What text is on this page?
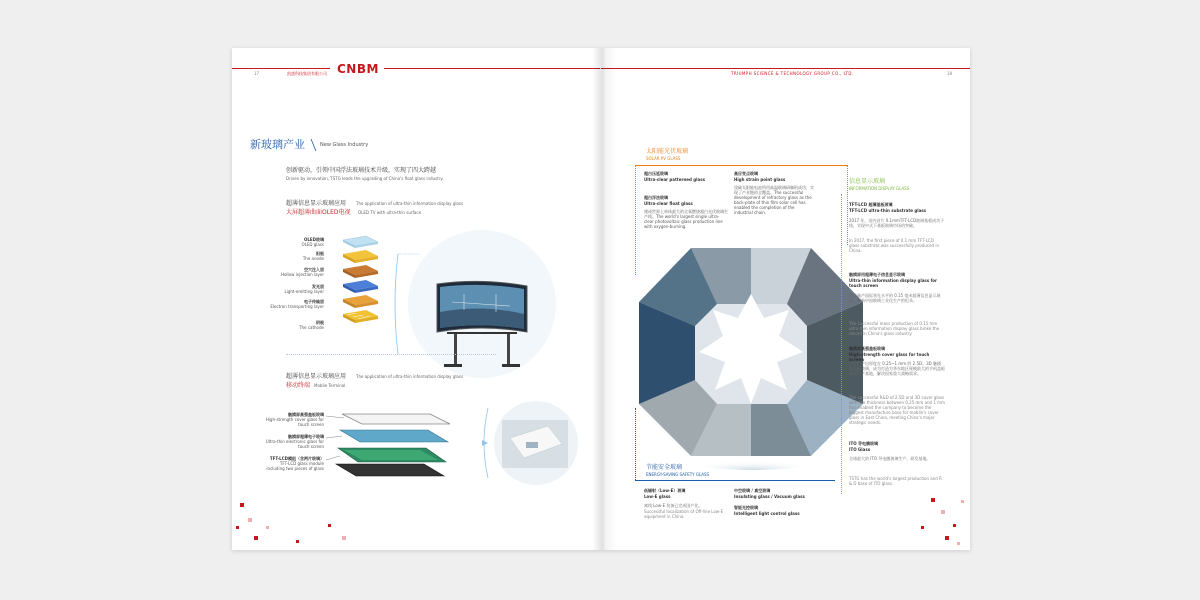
17	凯盛科技集团有限公司 CNBM
新玻璃产业	New Glass Industry
创新驱动，引领中国浮法玻璃技术升级，实现了四大跨越
Driven by innovation, TSTG leads the upgrading of China's float glass industry.
超薄信息显示玻璃应用 The application of ultra-thin information display glass
大屏超薄曲面OLED电视 OLED TV with ultra-thin surface
OLED玻璃
OLED glass
阳极
The anode
空穴注入层
Hollow injection layer
发光层
Light-emitting layer
电子传输层
Electron transporting layer
阴极
The cathode
超薄信息显示玻璃应用 The application of ultra-thin information display glass
移动终端 Mobile Terminal
触摸屏高强盖板玻璃
High-strength cover glass for touch screen
触摸屏超薄电子玻璃
Ultra-thin electronic glass for touch screen
TFT-LCD模组（含两片玻璃）
TFT-LCD glass module including two pieces of glass
TRIUMPH SCIENCE & TECHNOLOGY GROUP CO., LTD.	18
太阳能光伏玻璃
SOLAR PV GLASS
超白压延玻璃
Ultra-clear patterned glass
高应变点玻璃
High strain point glass
攻破太阳能电池所用高温玻璃研制机成功，实现了产业链的全覆盖。The successful development of refractory glass as the back-plate of thin film solar cell has enabled the completion of the industrial chain.
超白浮法玻璃
Ultra-clear float glass
建成世界上单体最大的全氧燃烧超白光伏玻璃生产线。The world's largest single ultra-clear photovoltaic glass production line with oxygen-burning.
信息显示玻璃
INFORMATION DISPLAY GLASS
TFT-LCD 超薄基板玻璃
TFT-LCD ultra-thin substrate glass
2017 年，国内首片 0.1mmTFT-LCD玻璃基板成功下线，实现中式下基板玻璃市场的突破。
In 2017, the first piece of 0.1 mm TFT-LCD glass substrate was successfully produced in China.
触摸屏用超薄电子信息显示玻璃
Ultra-thin information display glass for touch screen
成功量产国际领先水平的 0.15 毫米超薄信息显示玻璃，刷新中国玻璃工业化生产的纪录。
The successful mass production of 0.15 mm ultra-thin information display glass broke the record in China's glass industry.
触摸屏高强盖板玻璃
High-strength cover glass for touch screen
研发生产出厚度在 0.25~1 mm 的 2.5D、3D 触摸屏盖板玻璃，成为打造为华东地区规模最大的手机盖板玻璃生产基地，解决国家重大战略需求。
The successful R&D of 2.5D and 3D cover glass with the thickness between 0.25 mm and 1 mm has enabled the company to become the biggest manufacture base for mobile's cover glass in East China, meeting China's major strategic needs.
ITO 导电膜玻璃
ITO Glass
全球最大的 ITO 导电膜玻璃生产、研发基地。
TSTG has the world's largest production and R & D base of ITO glass.
节能安全玻璃
ENERGY-SAVING SAFETY GLASS
低辐射（Low-E）玻璃
Low-E glass
离线 Low-E 装备已完成国产化。
Successful localization of Off-line Low-E equipment in China.
中空玻璃 / 真空玻璃
Insulating glass / Vacuum glass
智能光控玻璃
Intelligent light control glass
